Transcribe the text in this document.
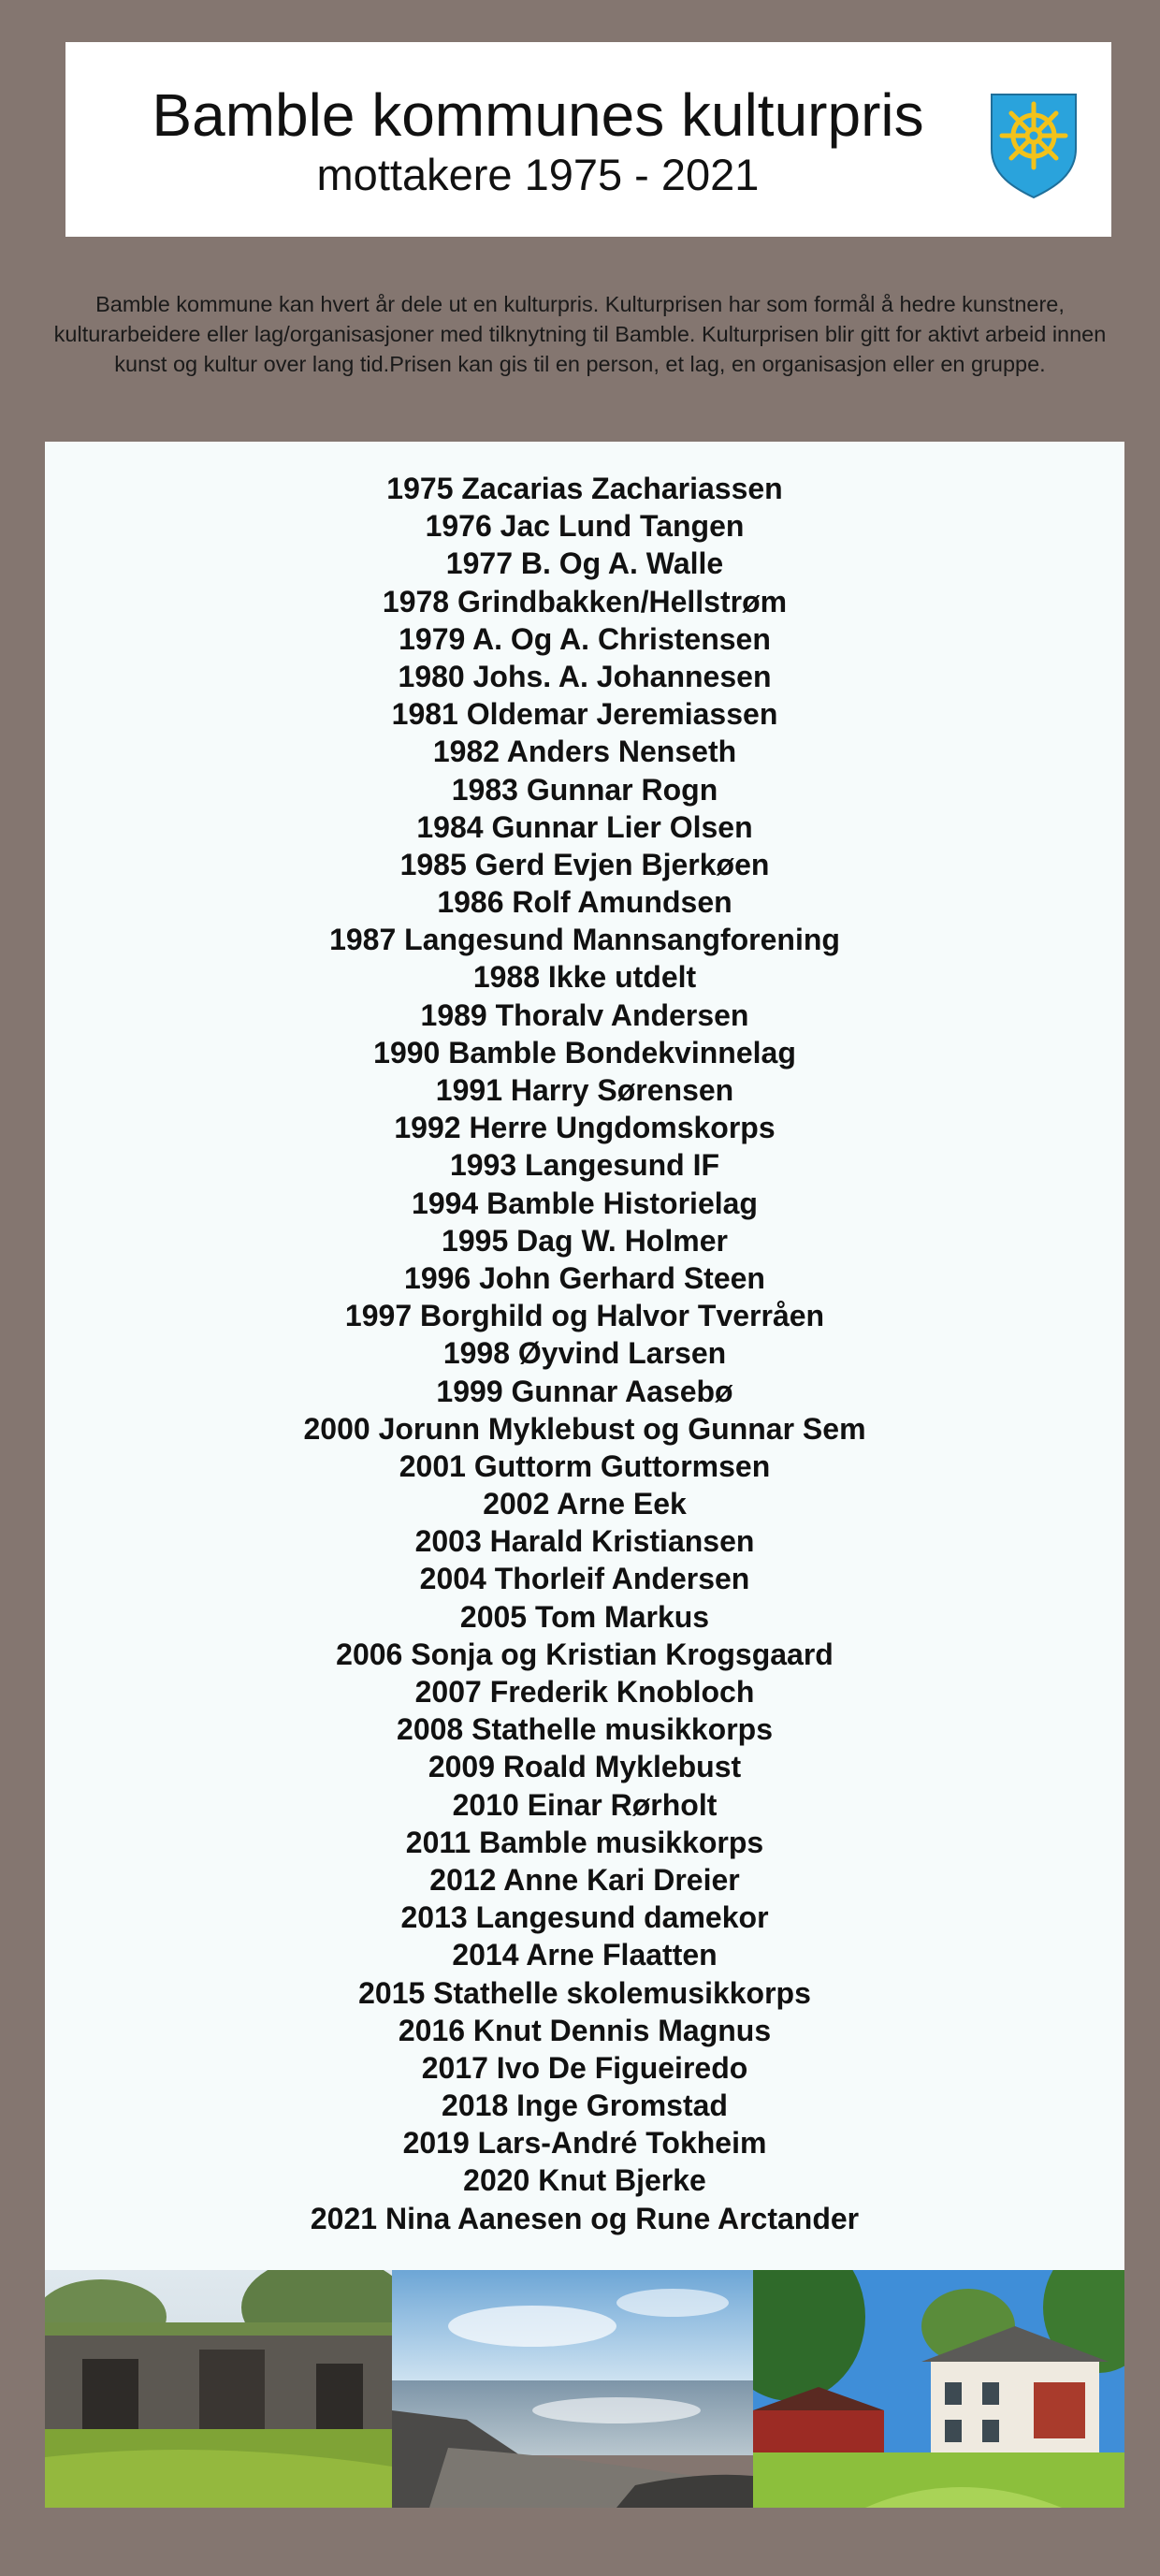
Bamble kommunes kulturpris
mottakere 1975 - 2021
Bamble kommune kan hvert år dele ut en kulturpris. Kulturprisen har som formål å hedre kunstnere, kulturarbeidere eller lag/organisasjoner med tilknytning til Bamble. Kulturprisen blir gitt for aktivt arbeid innen kunst og kultur over lang tid.Prisen kan gis til en person, et lag, en organisasjon eller en gruppe.
1975 Zacarias Zachariassen
1976 Jac Lund Tangen
1977 B. Og A. Walle
1978 Grindbakken/Hellstrøm
1979 A. Og A. Christensen
1980 Johs. A. Johannesen
1981 Oldemar Jeremiassen
1982 Anders Nenseth
1983 Gunnar Rogn
1984 Gunnar Lier Olsen
1985 Gerd Evjen Bjerkøen
1986 Rolf Amundsen
1987 Langesund Mannsangforening
1988 Ikke utdelt
1989 Thoralv Andersen
1990 Bamble Bondekvinnelag
1991 Harry Sørensen
1992 Herre Ungdomskorps
1993 Langesund IF
1994 Bamble Historielag
1995 Dag W. Holmer
1996 John Gerhard Steen
1997 Borghild og Halvor Tverråen
1998 Øyvind Larsen
1999 Gunnar Aasebø
2000 Jorunn Myklebust og Gunnar Sem
2001 Guttorm Guttormsen
2002 Arne Eek
2003 Harald Kristiansen
2004 Thorleif Andersen
2005 Tom Markus
2006 Sonja og Kristian Krogsgaard
2007 Frederik Knobloch
2008 Stathelle musikkorps
2009 Roald Myklebust
2010 Einar Rørholt
2011 Bamble musikkorps
2012 Anne Kari Dreier
2013 Langesund damekor
2014 Arne Flaatten
2015 Stathelle skolemusikkorps
2016 Knut Dennis Magnus
2017 Ivo De Figueiredo
2018 Inge Gromstad
2019 Lars-André Tokheim
2020 Knut Bjerke
2021 Nina Aanesen og Rune Arctander
